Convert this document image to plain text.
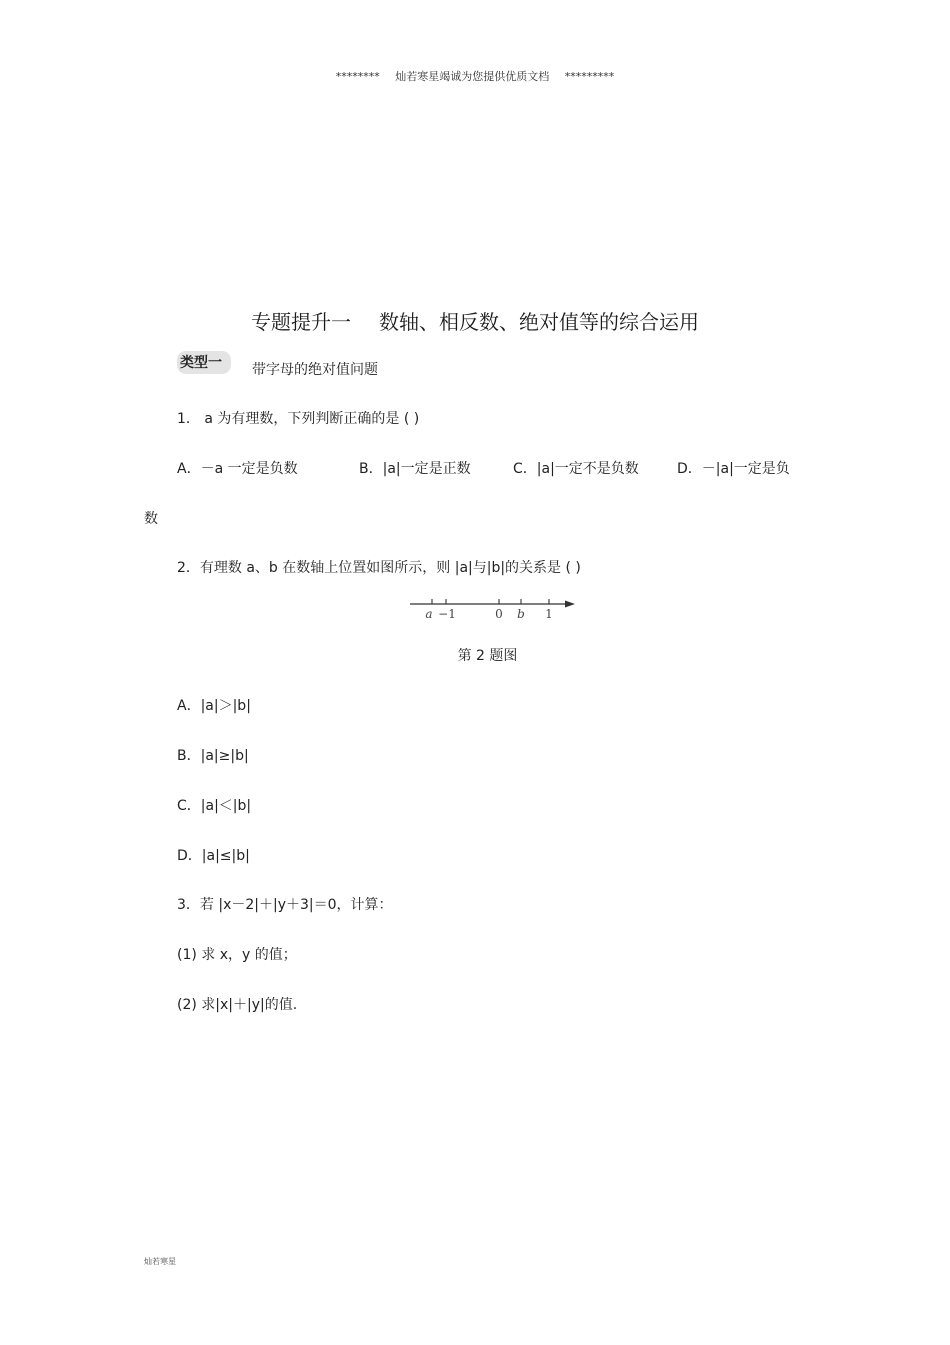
******** 灿若寒星竭诚为您提供优质文档 *********
专题提升一 数轴、相反数、绝对值等的综合运用
类型一	带字母的绝对值问题
1． a 为有理数，下列判断正确的是 ( )
A．－a 一定是负数	B．|a|一定是正数	C．|a|一定不是负数	D．－|a|一定是负
数
2．有理数 a、b 在数轴上位置如图所示，则 |a|与|b|的关系是 ( )
a −1	0 b 1
第 2 题图
A．|a|＞|b|
B．|a|≥|b|
C．|a|＜|b|
D．|a|≤|b|
3．若 |x－2|＋|y＋3|＝0，计算：
(1) 求 x，y 的值；
(2) 求|x|＋|y|的值.
灿若寒星
